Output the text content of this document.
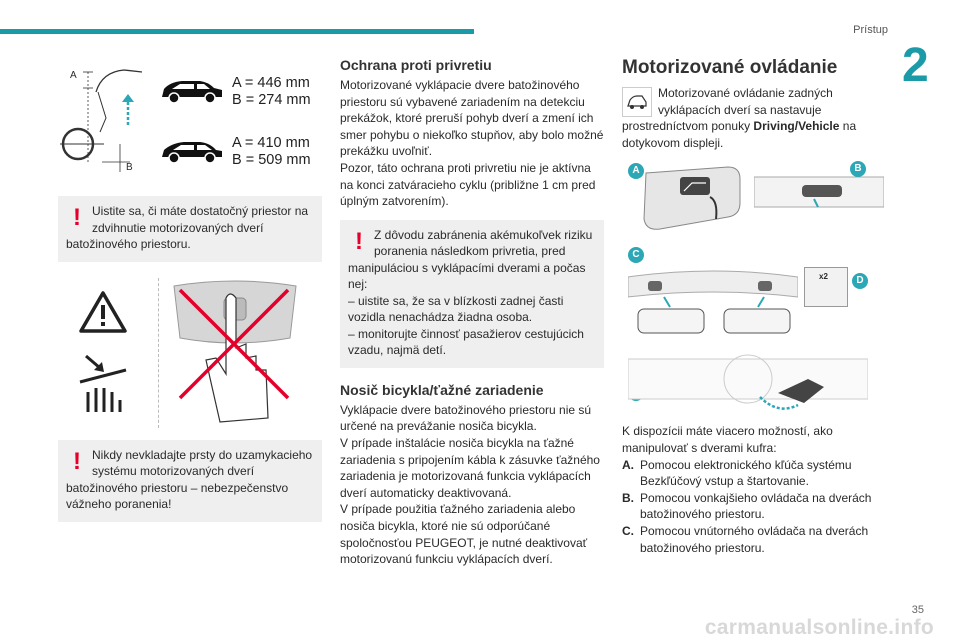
Prístup
2
A
B
A = 446 mm
B = 274 mm
A = 410 mm
B = 509 mm
! Uistite sa, či máte dostatočný priestor na zdvihnutie motorizovaných dverí batožinového priestoru.
! Nikdy nevkladajte prsty do uzamykacieho systému motorizovaných dverí batožinového priestoru – nebezpečenstvo vážneho poranenia!
Ochrana proti privretiu

Motorizované vyklápacie dvere batožinového priestoru sú vybavené zariadením na detekciu prekážok, ktoré preruší pohyb dverí a zmení ich smer pohybu o niekoľko stupňov, aby bolo možné prekážku uvoľniť.

Pozor, táto ochrana proti privretiu nie je aktívna na konci zatváracieho cyklu (približne 1 cm pred úplným zatvorením).

! Z dôvodu zabránenia akémukoľvek riziku poranenia následkom privretia, pred manipuláciou s vyklápacími dverami a počas nej:
– uistite sa, že sa v blízkosti zadnej časti vozidla nenachádza žiadna osoba.
– monitorujte činnosť pasažierov cestujúcich vzadu, najmä detí.
Nosič bicykla/ťažné zariadenie

Vyklápacie dvere batožinového priestoru nie sú určené na prevážanie nosiča bicykla.

V prípade inštalácie nosiča bicykla na ťažné zariadenia s pripojením kábla k zásuvke ťažného zariadenia je motorizovaná funkcia vyklápacích dverí automaticky deaktivovaná.

V prípade použitia ťažného zariadenia alebo nosiča bicykla, ktoré nie sú odporúčané spoločnosťou PEUGEOT, je nutné deaktivovať motorizovanú funkciu vyklápacích dverí.

Motorizované ovládanie

Motorizované ovládanie zadných vyklápacích dverí sa nastavuje prostredníctvom ponuky Driving/Vehicle na dotykovom displeji.

A	B
C
x2	D

K dispozícii máte viacero možností, ako manipulovať s dverami kufra:

A. Pomocou elektronického kľúča systému Bezkľúčový vstup a štartovanie.
B. Pomocou vonkajšieho ovládača na dverách batožinového priestoru.
C. Pomocou vnútorného ovládača na dverách batožinového priestoru.
carmanualsonline.info
35
